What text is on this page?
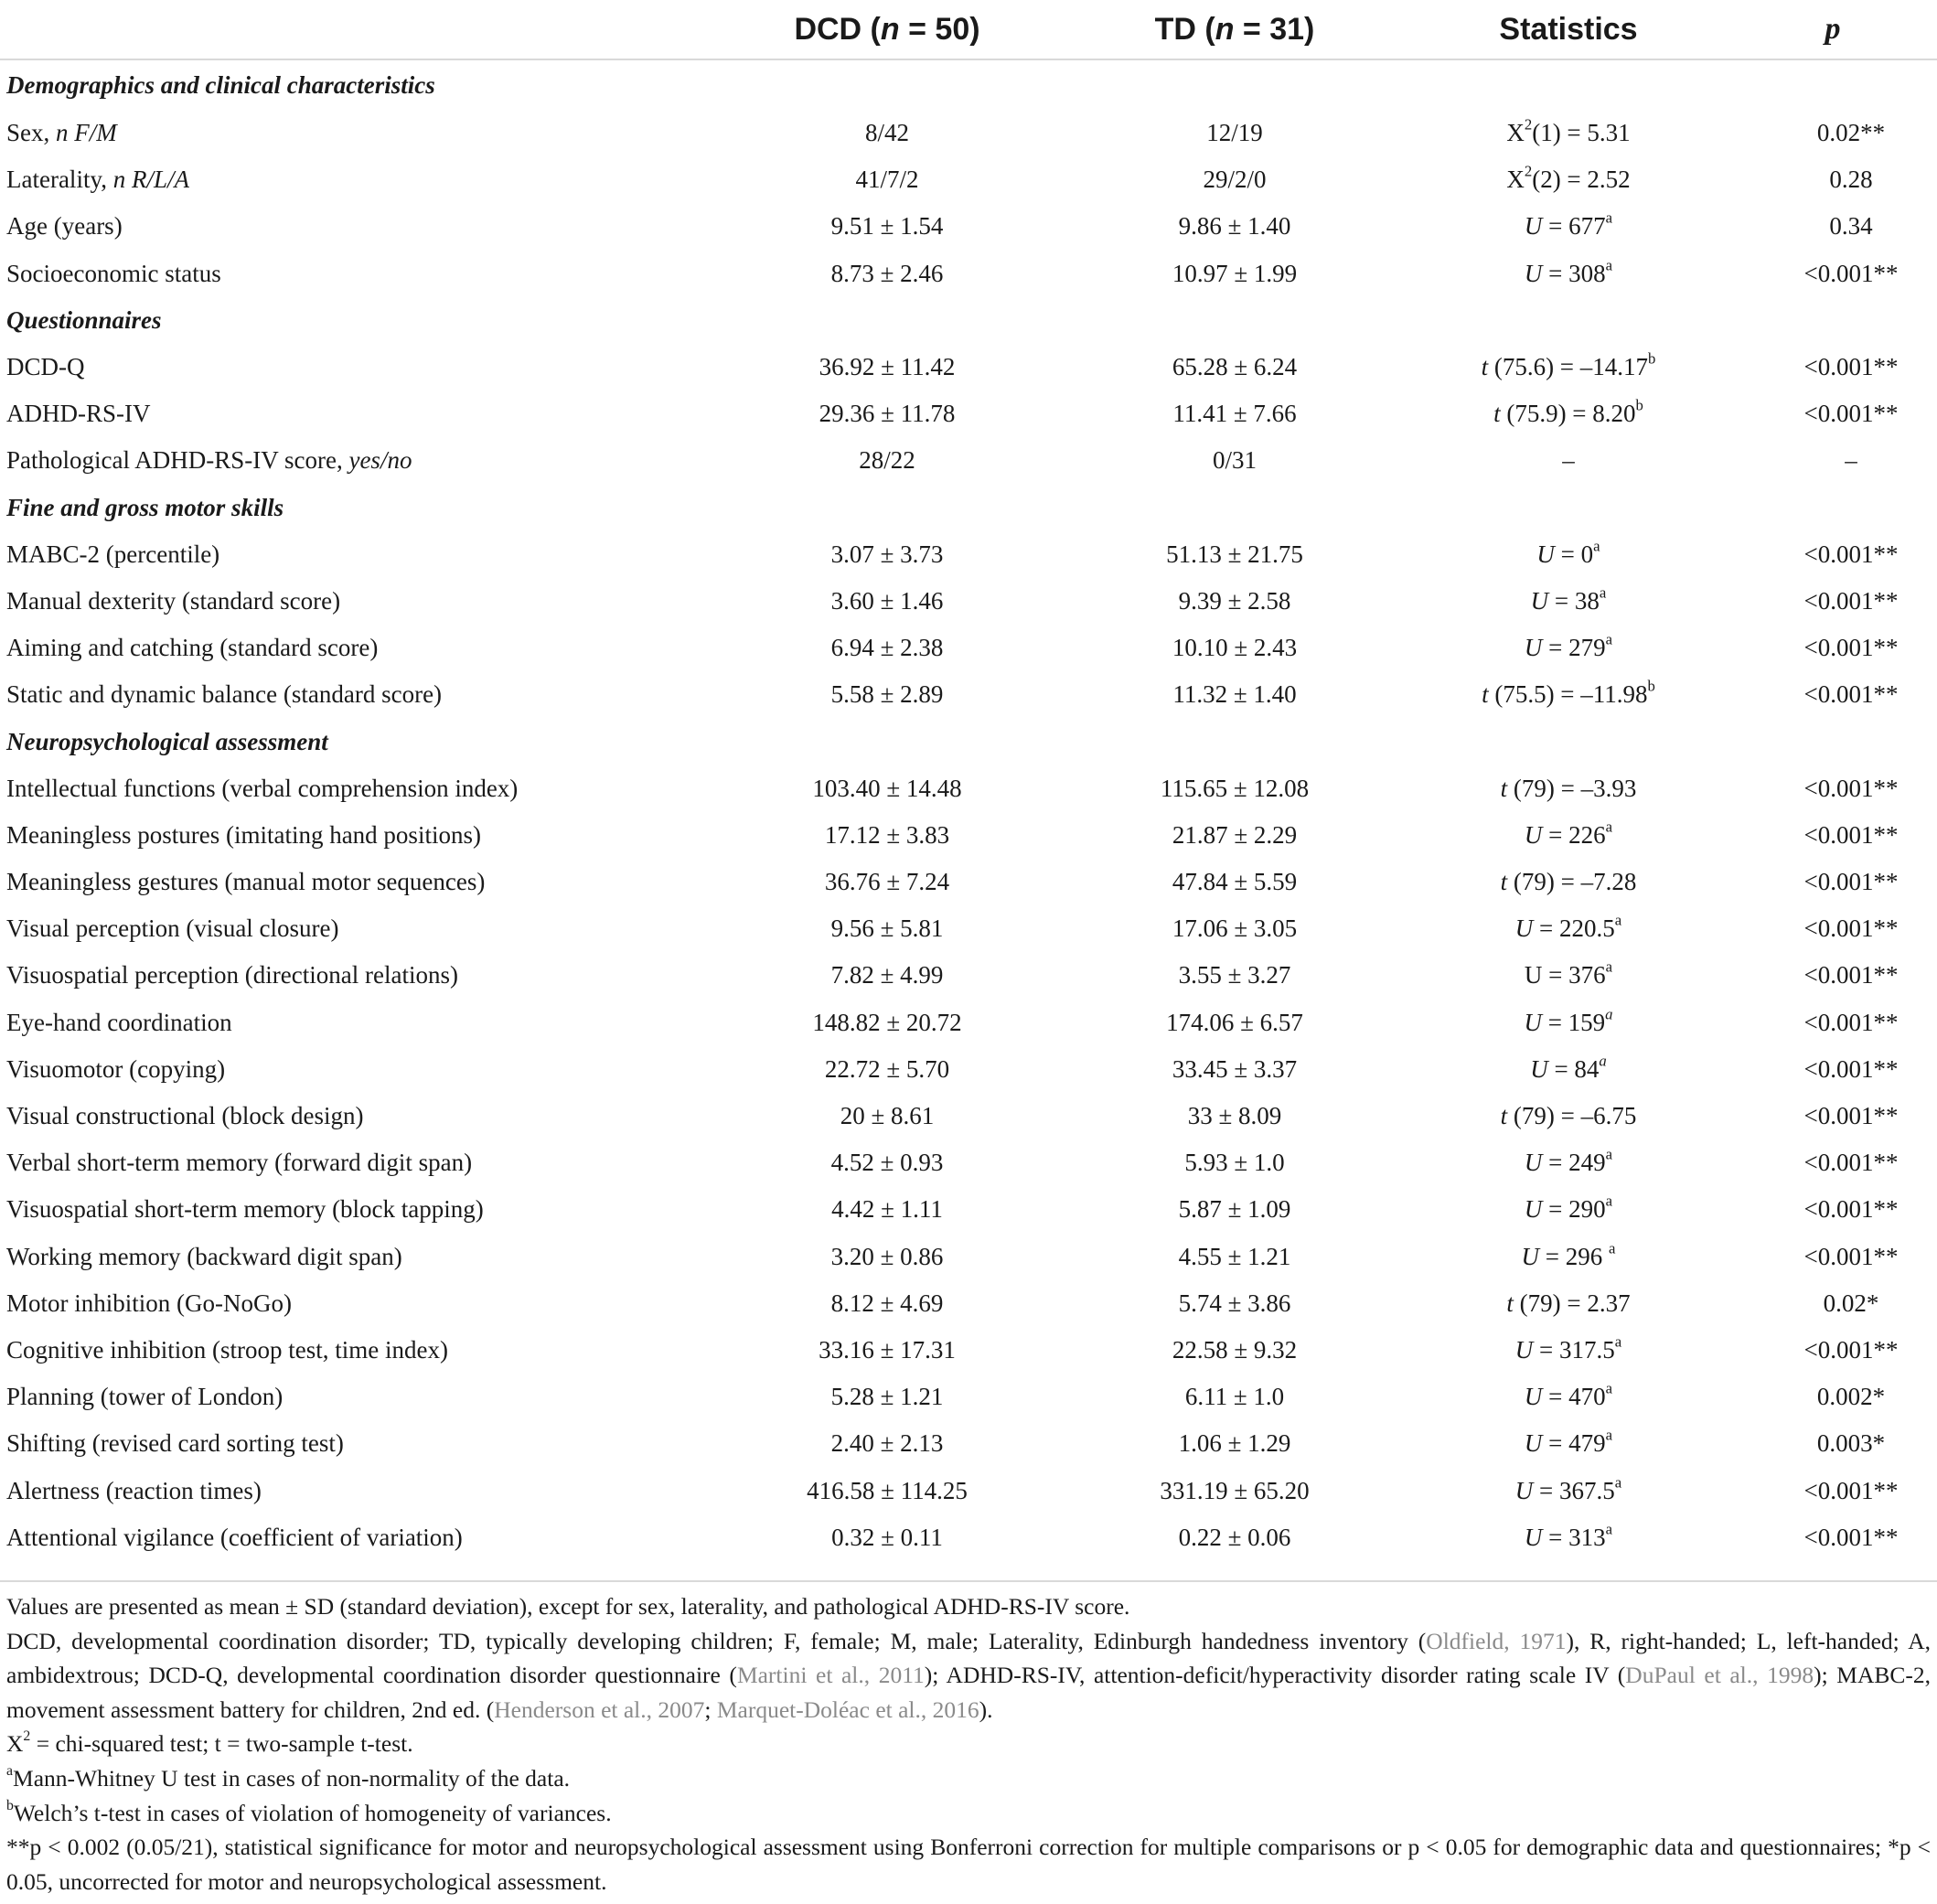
	DCD (n = 50)	TD (n = 31)	Statistics	p
Demographics and clinical characteristics				
Sex, n F/M	8/42	12/19	$X^2(1) = 5.31$	0.02**
Laterality, n R/L/A	41/7/2	29/2/0	$X^2(2) = 2.52$	0.28
Age (years)	9.51 ± 1.54	9.86 ± 1.40	$U = 677^a$	0.34
Socioeconomic status	8.73 ± 2.46	10.97 ± 1.99	$U = 308^a$	<0.001**
Questionnaires				
DCD-Q	36.92 ± 11.42	65.28 ± 6.24	t (75.6) = –14.17$^b$	<0.001**
ADHD-RS-IV	29.36 ± 11.78	11.41 ± 7.66	t (75.9) = 8.20$^b$	<0.001**
Pathological ADHD-RS-IV score, yes/no	28/22	0/31	–	–
Fine and gross motor skills				
MABC-2 (percentile)	3.07 ± 3.73	51.13 ± 21.75	$U = 0^a$	<0.001**
Manual dexterity (standard score)	3.60 ± 1.46	9.39 ± 2.58	$U = 38^a$	<0.001**
Aiming and catching (standard score)	6.94 ± 2.38	10.10 ± 2.43	$U = 279^a$	<0.001**
Static and dynamic balance (standard score)	5.58 ± 2.89	11.32 ± 1.40	t (75.5) = –11.98$^b$	<0.001**
Neuropsychological assessment				
Intellectual functions (verbal comprehension index)	103.40 ± 14.48	115.65 ± 12.08	t (79) = –3.93	<0.001**
Meaningless postures (imitating hand positions)	17.12 ± 3.83	21.87 ± 2.29	$U = 226^a$	<0.001**
Meaningless gestures (manual motor sequences)	36.76 ± 7.24	47.84 ± 5.59	t (79) = –7.28	<0.001**
Visual perception (visual closure)	9.56 ± 5.81	17.06 ± 3.05	U = 220.5$^a$	<0.001**
Visuospatial perception (directional relations)	7.82 ± 4.99	3.55 ± 3.27	$U = 376^a$	<0.001**
Eye-hand coordination	148.82 ± 20.72	174.06 ± 6.57	$U = 159^a$	<0.001**
Visuomotor (copying)	22.72 ± 5.70	33.45 ± 3.37	$U = 84^a$	<0.001**
Visual constructional (block design)	20 ± 8.61	33 ± 8.09	t (79) = –6.75	<0.001**
Verbal short-term memory (forward digit span)	4.52 ± 0.93	5.93 ± 1.0	$U = 249^a$	<0.001**
Visuospatial short-term memory (block tapping)	4.42 ± 1.11	5.87 ± 1.09	$U = 290^a$	<0.001**
Working memory (backward digit span)	3.20 ± 0.86	4.55 ± 1.21	U = 296 $^a$	<0.001**
Motor inhibition (Go-NoGo)	8.12 ± 4.69	5.74 ± 3.86	t (79) = 2.37	0.02*
Cognitive inhibition (stroop test, time index)	33.16 ± 17.31	22.58 ± 9.32	U = 317.5$^a$	<0.001**
Planning (tower of London)	5.28 ± 1.21	6.11 ± 1.0	$U = 470^a$	0.002*
Shifting (revised card sorting test)	2.40 ± 2.13	1.06 ± 1.29	$U = 479^a$	0.003*
Alertness (reaction times)	416.58 ± 114.25	331.19 ± 65.20	U = 367.5$^a$	<0.001**
Attentional vigilance (coefficient of variation)	0.32 ± 0.11	0.22 ± 0.06	$U = 313^a$	<0.001**

Values are presented as mean ± SD (standard deviation), except for sex, laterality, and pathological ADHD-RS-IV score.

DCD, developmental coordination disorder; TD, typically developing children; F, female; M, male; Laterality, Edinburgh handedness inventory (Oldfield, 1971), R, right-handed; L, left-handed; A, ambidextrous; DCD-Q, developmental coordination disorder questionnaire (Martini et al., 2011); ADHD-RS-IV, attention-deficit/hyperactivity disorder rating scale IV (DuPaul et al., 1998); MABC-2, movement assessment battery for children, 2nd ed. (Henderson et al., 2007; Marquet-Doléac et al., 2016).

$X^2$ = chi-squared test; t = two-sample t-test.

$^a$Mann-Whitney U test in cases of non-normality of the data.

$^b$Welch’s t-test in cases of violation of homogeneity of variances.

**p < 0.002 (0.05/21), statistical significance for motor and neuropsychological assessment using Bonferroni correction for multiple comparisons or p < 0.05 for demographic data and questionnaires; *p < 0.05, uncorrected for motor and neuropsychological assessment.
